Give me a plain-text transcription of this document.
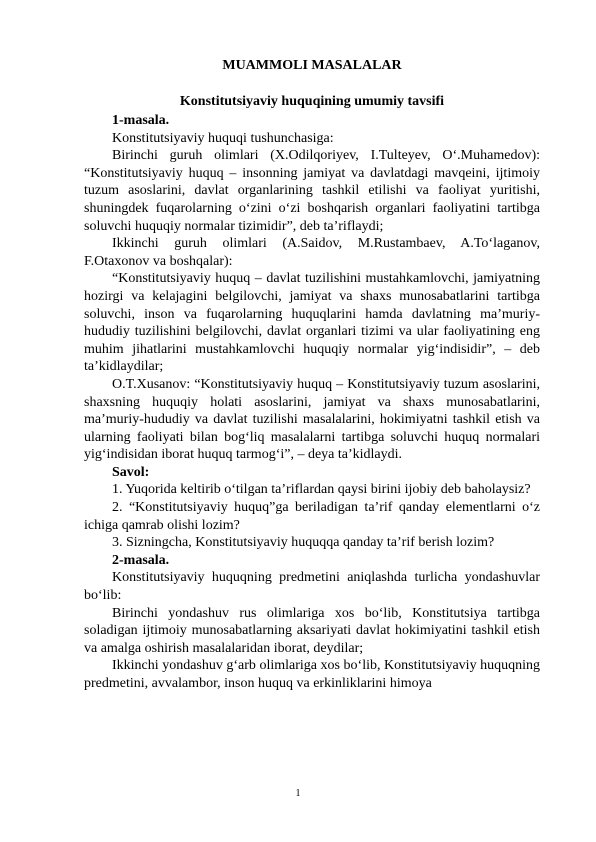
MUAMMOLI MASALALAR
Konstitutsiyaviy huquqining umumiy tavsifi

1-masala.

Konstitutsiyaviy huquqi tushunchasiga:

Birinchi guruh olimlari (X.Odilqoriyev, I.Tulteyev, O‘.Muhamedov): “Konstitutsiyaviy huquq – insonning jamiyat va davlatdagi mavqeini, ijtimoiy tuzum asoslarini, davlat organlarining tashkil etilishi va faoliyat yuritishi, shuningdek fuqarolarning o‘zini o‘zi boshqarish organlari faoliyatini tartibga soluvchi huquqiy normalar tizimidir”, deb ta’riflaydi;

Ikkinchi guruh olimlari (A.Saidov, M.Rustambaev, A.To‘laganov, F.Otaxonov va boshqalar):

“Konstitutsiyaviy huquq – davlat tuzilishini mustahkamlovchi, jamiyatning hozirgi va kelajagini belgilovchi, jamiyat va shaxs munosabatlarini tartibga soluvchi, inson va fuqarolarning huquqlarini hamda davlatning ma’muriy-hududiy tuzilishini belgilovchi, davlat organlari tizimi va ular faoliyatining eng muhim jihatlarini mustahkamlovchi huquqiy normalar yig‘indisidir”, – deb ta’kidlaydilar;

O.T.Xusanov: “Konstitutsiyaviy huquq – Konstitutsiyaviy tuzum asoslarini, shaxsning huquqiy holati asoslarini, jamiyat va shaxs munosabatlarini, ma’muriy-hududiy va davlat tuzilishi masalalarini, hokimiyatni tashkil etish va ularning faoliyati bilan bog‘liq masalalarni tartibga soluvchi huquq normalari yig‘indisidan iborat huquq tarmog‘i”, – deya ta’kidlaydi.

Savol:

1. Yuqorida keltirib o‘tilgan ta’riflardan qaysi birini ijobiy deb baholaysiz?

2. “Konstitutsiyaviy huquq”ga beriladigan ta’rif qanday elementlarni o‘z ichiga qamrab olishi lozim?

3. Sizningcha, Konstitutsiyaviy huquqqa qanday ta’rif berish lozim?

2-masala.

Konstitutsiyaviy huquqning predmetini aniqlashda turlicha yondashuvlar bo‘lib:

Birinchi yondashuv rus olimlariga xos bo‘lib, Konstitutsiya tartibga soladigan ijtimoiy munosabatlarning aksariyati davlat hokimiyatini tashkil etish va amalga oshirish masalalaridan iborat, deydilar;

Ikkinchi yondashuv g‘arb olimlariga xos bo‘lib, Konstitutsiyaviy huquqning predmetini, avvalambor, inson huquq va erkinliklarini himoya

1
